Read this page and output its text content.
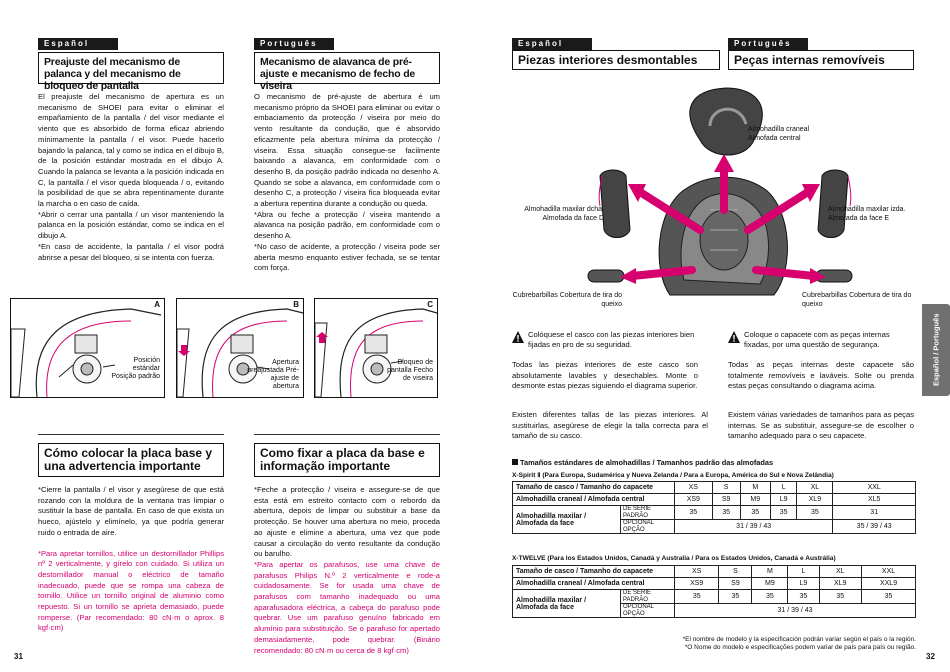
Español	Português
Preajuste del mecanismo de palanca y del mecanismo de bloqueo de pantalla
Mecanismo de alavanca de pré-ajuste e mecanismo de fecho de viseira

El preajuste del mecanismo de apertura es un mecanismo de SHOEI para evitar o eliminar el empañamiento de la pantalla / del visor mediante el viento que es absorbido de forma eficaz abriendo mínimamente la pantalla / el visor. Puede hacerlo bajando la palanca, tal y como se indica en el dibujo B, de la posición estándar mostrada en el dibujo A. Cuando la palanca se levanta a la posición indicada en C, la pantalla / el visor queda bloqueada / o, evitando la posibilidad de que se abra repentinamente durante la marcha o en caso de caída.

*Abrir o cerrar una pantalla / un visor manteniendo la palanca en la posición estándar, como se indica en el dibujo A.

*En caso de accidente, la pantalla / el visor podrá abrirse a pesar del bloqueo, si se intenta con fuerza.

O mecanismo de pré-ajuste de abertura é um mecanismo próprio da SHOEI para eliminar ou evitar o embaciamento da protecção / viseira por meio do vento resultante da condução, que é absorvido eficazmente pela abertura mínima da protecção / viseira. Essa situação consegue-se facilmente baixando a alavanca, em conformidade com o desenho B, da posição padrão indicada no desenho A. Quando se sobe a alavanca, em conformidade com o desenho C, a protecção / viseira fica bloqueada evitar a abertura repentina durante a condução ou queda.

*Abra ou feche a protecção / viseira mantendo a alavanca na posição padrão, em conformidade com o desenho A.

*No caso de acidente, a protecção / viseira pode ser aberta mesmo enquanto estiver fechada, se se tentar com força.

A
Posición estándar Posição padrão
B
Apertura preajustada Pré-ajuste de abertura
C
Bloqueo de pantalla Fecho de viseira
Cómo colocar la placa base y una advertencia importante
Como fixar a placa da base e informação importante

*Cierre la pantalla / el visor y asegúrese de que está rozando con la moldura de la ventana tras limpiar o sustituir la base de pantalla. En caso de que exista un hueco, ajústelo y elimínelo, ya que podría generar ruido o entrada de aire.

*Para apretar tornillos, utilice un destornillador Phillips nº 2 verticalmente, y gírelo con cuidado. Si utiliza un destornillador manual o eléctrico de tamaño inadecuado, puede que se rompa una cabeza de tornillo. Utilice un tornillo original de aluminio como repuesto. Si un tornillo se aprieta demasiado, puede romperse. (Par recomendado: 80 cN·m o aprox. 8 kgf·cm)

*Feche a protecção / viseira e assegure-se de que esta está em estreito contacto com o rebordo da abertura, depois de limpar ou substituir a base da protecção. Se houver uma abertura no meio, proceda ao ajuste e elimine a abertura, uma vez que pode causar a circulação do vento resultante da condução ou barulho.

*Para apertar os parafusos, use uma chave de parafusos Philips N.º 2 verticalmente e rode-a cuidadosamente. Se for usada uma chave de parafusos com tamanho inadequado ou uma aparafusadora eléctrica, a cabeça do parafuso pode quebrar. Use um parafuso genuíno fabricado em alumínio para substituição. Se o parafuso for apertado demasiadamente, pode quebrar. (Binário recomendado: 80 cN·m ou cerca de 8 kgf·cm)

31
Español	Português
Piezas interiores desmontables	Peças internas removíveis
Almohadilla craneal Almofada central
Almohadilla maxilar dcha. Almofada da face D
Almohadilla maxilar izda. Almofada da face E
Cubrebarbillas Cobertura de tira do queixo
Cubrebarbillas Cobertura de tira do queixo
Colóquese el casco con las piezas interiores bien fijadas en pro de su seguridad.
Coloque o capacete com as peças internas fixadas, por uma questão de segurança.
Todas las piezas interiores de este casco son absolutamente lavables y desechables. Monte o desmonte estas piezas siguiendo el diagrama superior.
Existen diferentes tallas de las piezas interiores. Al sustituirlas, asegúrese de elegir la talla correcta para el tamaño de su casco.
Todas as peças internas deste capacete são totalmente removíveis e laváveis. Solte ou prenda estas peças consultando o diagrama acima.
Existem várias variedades de tamanhos para as peças internas. Se as substituir, assegure-se de escolher o tamanho adequado para o seu capacete.
Tamaños estándares de almohadillas / Tamanhos padrão das almofadas
X-Spirit Ⅱ (Para Europa, Sudamérica y Nueva Zelanda / Para a Europa, América do Sul e Nova Zelândia)
Tamaño de casco / Tamanho do capacete		XS	S	M	L	XL	XXL
Almohadilla craneal / Almofada central		XS9	S9	M9	L9	XL9	XL5
Almohadilla maxilar / Almofada da face	DE SERIE PADRÃO	35	35	35	35	35	31
	OPCIONAL OPÇÃO	31 / 39 / 43					35 / 39 / 43
X-TWELVE (Para los Estados Unidos, Canadá y Australia / Para os Estados Unidos, Canadá e Austrália)
Tamaño de casco / Tamanho do capacete		XS	S	M	L	XL	XXL
Almohadilla craneal / Almofada central		XS9	S9	M9	L9	XL9	XXL9
Almohadilla maxilar / Almofada da face	DE SERIE PADRÃO	35	35	35	35	35	35
	OPCIONAL OPÇÃO	31 / 39 / 43					
*El nombre de modelo y la especificación podrán variar según el país o la región.
*O Nome do modelo e especificações podem variar de país para país ou região.
Español / Português
32
